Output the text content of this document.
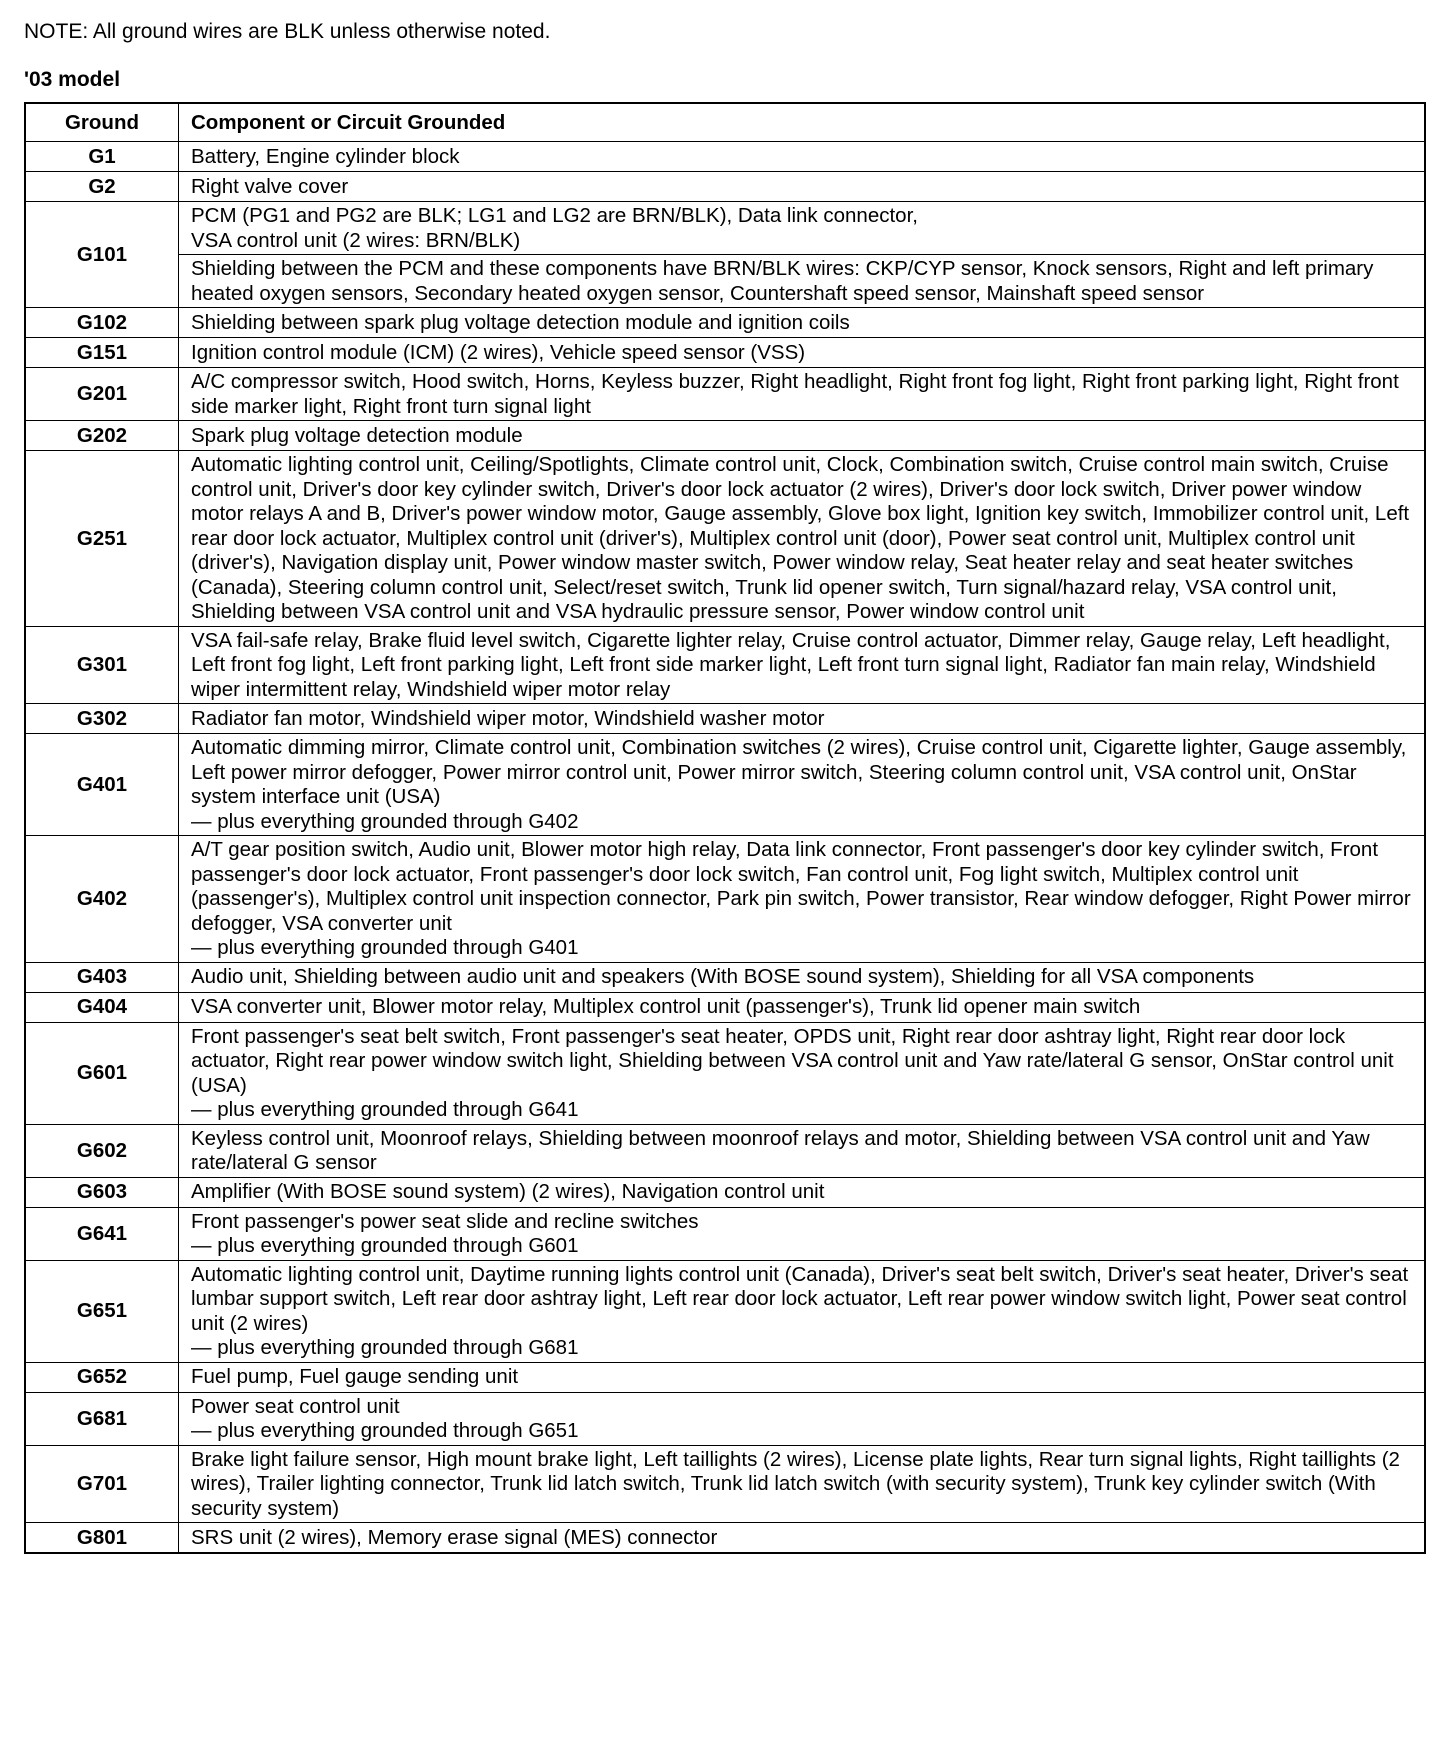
NOTE: All ground wires are BLK unless otherwise noted.

'03 model

Ground	Component or Circuit Grounded
G1	Battery, Engine cylinder block

G2	Right valve cover

G101	PCM (PG1 and PG2 are BLK; LG1 and LG2 are BRN/BLK), Data link connector,
VSA control unit (2 wires: BRN/BLK)

	Shielding between the PCM and these components have BRN/BLK wires: CKP/CYP sensor, Knock sensors, Right and left primary heated oxygen sensors, Secondary heated oxygen sensor, Countershaft speed sensor, Mainshaft speed sensor

G102	Shielding between spark plug voltage detection module and ignition coils

G151	Ignition control module (ICM) (2 wires), Vehicle speed sensor (VSS)

G201	A/C compressor switch, Hood switch, Horns, Keyless buzzer, Right headlight, Right front fog light, Right front parking light, Right front side marker light, Right front turn signal light

G202	Spark plug voltage detection module

G251	Automatic lighting control unit, Ceiling/Spotlights, Climate control unit, Clock, Combination switch, Cruise control main switch, Cruise control unit, Driver's door key cylinder switch, Driver's door lock actuator (2 wires), Driver's door lock switch, Driver power window motor relays A and B, Driver's power window motor, Gauge assembly, Glove box light, Ignition key switch, Immobilizer control unit, Left rear door lock actuator, Multiplex control unit (driver's), Multiplex control unit (door), Power seat control unit, Multiplex control unit (driver's), Navigation display unit, Power window master switch, Power window relay, Seat heater relay and seat heater switches (Canada), Steering column control unit, Select/reset switch, Trunk lid opener switch, Turn signal/hazard relay, VSA control unit, Shielding between VSA control unit and VSA hydraulic pressure sensor, Power window control unit

G301	VSA fail-safe relay, Brake fluid level switch, Cigarette lighter relay, Cruise control actuator, Dimmer relay, Gauge relay, Left headlight, Left front fog light, Left front parking light, Left front side marker light, Left front turn signal light, Radiator fan main relay, Windshield wiper intermittent relay, Windshield wiper motor relay

G302	Radiator fan motor, Windshield wiper motor, Windshield washer motor

G401	Automatic dimming mirror, Climate control unit, Combination switches (2 wires), Cruise control unit, Cigarette lighter, Gauge assembly, Left power mirror defogger, Power mirror control unit, Power mirror switch, Steering column control unit, VSA control unit, OnStar system interface unit (USA)
— plus everything grounded through G402

G402	A/T gear position switch, Audio unit, Blower motor high relay, Data link connector, Front passenger's door key cylinder switch, Front passenger's door lock actuator, Front passenger's door lock switch, Fan control unit, Fog light switch, Multiplex control unit (passenger's), Multiplex control unit inspection connector, Park pin switch, Power transistor, Rear window defogger, Right Power mirror defogger, VSA converter unit
— plus everything grounded through G401

G403	Audio unit, Shielding between audio unit and speakers (With BOSE sound system), Shielding for all VSA components

G404	VSA converter unit, Blower motor relay, Multiplex control unit (passenger's), Trunk lid opener main switch

G601	Front passenger's seat belt switch, Front passenger's seat heater, OPDS unit, Right rear door ashtray light, Right rear door lock actuator, Right rear power window switch light, Shielding between VSA control unit and Yaw rate/lateral G sensor, OnStar control unit (USA)
— plus everything grounded through G641

G602	Keyless control unit, Moonroof relays, Shielding between moonroof relays and motor, Shielding between VSA control unit and Yaw rate/lateral G sensor

G603	Amplifier (With BOSE sound system) (2 wires), Navigation control unit

G641	Front passenger's power seat slide and recline switches
— plus everything grounded through G601

G651	Automatic lighting control unit, Daytime running lights control unit (Canada), Driver's seat belt switch, Driver's seat heater, Driver's seat lumbar support switch, Left rear door ashtray light, Left rear door lock actuator, Left rear power window switch light, Power seat control unit (2 wires)
— plus everything grounded through G681

G652	Fuel pump, Fuel gauge sending unit

G681	Power seat control unit
— plus everything grounded through G651

G701	Brake light failure sensor, High mount brake light, Left taillights (2 wires), License plate lights, Rear turn signal lights, Right taillights (2 wires), Trailer lighting connector, Trunk lid latch switch, Trunk lid latch switch (with security system), Trunk key cylinder switch (With security system)

G801	SRS unit (2 wires), Memory erase signal (MES) connector
